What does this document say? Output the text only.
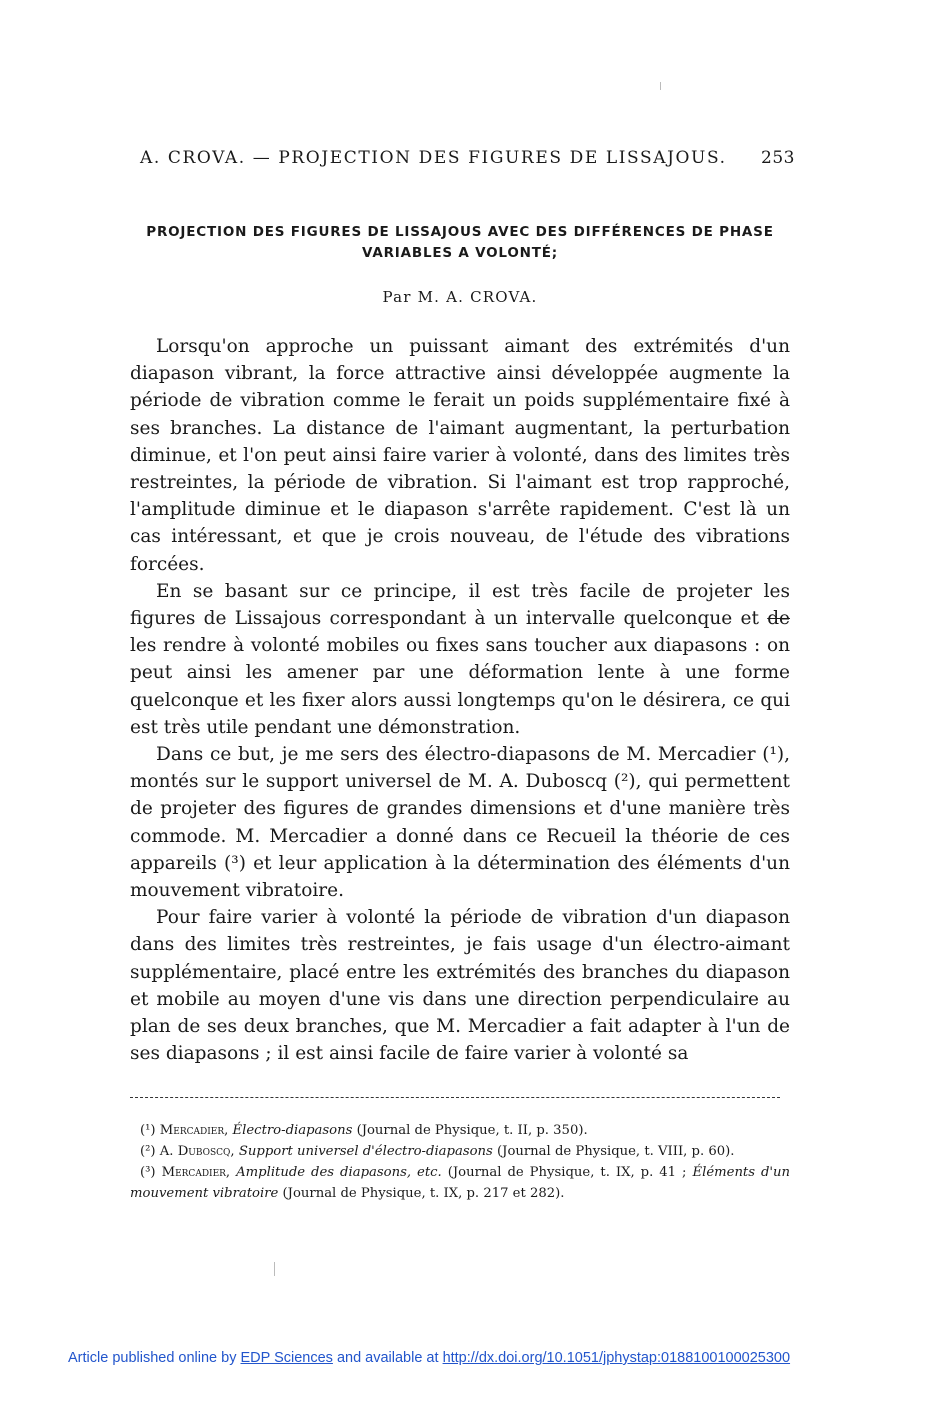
A. CROVA. — PROJECTION DES FIGURES DE LISSAJOUS. 253
PROJECTION DES FIGURES DE LISSAJOUS AVEC DES DIFFÉRENCES DE PHASE
VARIABLES A VOLONTÉ;
Par M. A. CROVA.

Lorsqu'on approche un puissant aimant des extrémités d'un diapason vibrant, la force attractive ainsi développée augmente la période de vibration comme le ferait un poids supplémentaire fixé à ses branches. La distance de l'aimant augmentant, la perturbation diminue, et l'on peut ainsi faire varier à volonté, dans des limites très restreintes, la période de vibration. Si l'aimant est trop rapproché, l'amplitude diminue et le diapason s'arrête rapidement. C'est là un cas intéressant, et que je crois nouveau, de l'étude des vibrations forcées.

En se basant sur ce principe, il est très facile de projeter les figures de Lissajous correspondant à un intervalle quelconque et de les rendre à volonté mobiles ou fixes sans toucher aux diapasons : on peut ainsi les amener par une déformation lente à une forme quelconque et les fixer alors aussi longtemps qu'on le désirera, ce qui est très utile pendant une démonstration.

Dans ce but, je me sers des électro-diapasons de M. Mercadier (¹), montés sur le support universel de M. A. Duboscq (²), qui permettent de projeter des figures de grandes dimensions et d'une manière très commode. M. Mercadier a donné dans ce Recueil la théorie de ces appareils (³) et leur application à la détermination des éléments d'un mouvement vibratoire.

Pour faire varier à volonté la période de vibration d'un diapason dans des limites très restreintes, je fais usage d'un électro-aimant supplémentaire, placé entre les extrémités des branches du diapason et mobile au moyen d'une vis dans une direction perpendiculaire au plan de ses deux branches, que M. Mercadier a fait adapter à l'un de ses diapasons ; il est ainsi facile de faire varier à volonté sa

(¹) Mercadier, Électro-diapasons (Journal de Physique, t. II, p. 350).

(²) A. Duboscq, Support universel d'électro-diapasons (Journal de Physique, t. VIII, p. 60).

(³) Mercadier, Amplitude des diapasons, etc. (Journal de Physique, t. IX, p. 41 ; Éléments d'un mouvement vibratoire (Journal de Physique, t. IX, p. 217 et 282).

Article published online by EDP Sciences and available at http://dx.doi.org/10.1051/jphystap:0188100100025300
